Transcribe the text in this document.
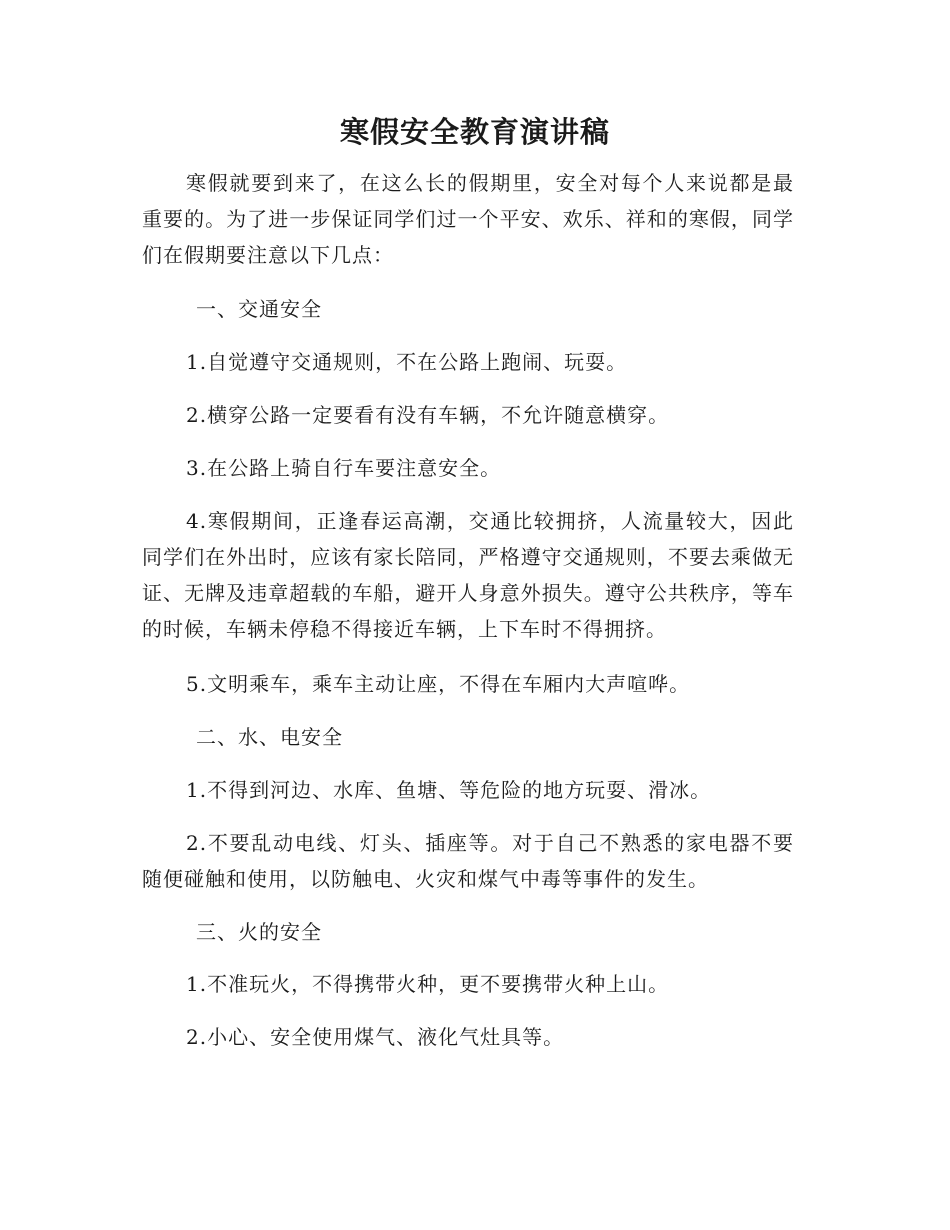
寒假安全教育演讲稿

寒假就要到来了，在这么长的假期里，安全对每个人来说都是最重要的。为了进一步保证同学们过一个平安、欢乐、祥和的寒假，同学们在假期要注意以下几点：

一、交通安全

1.自觉遵守交通规则，不在公路上跑闹、玩耍。

2.横穿公路一定要看有没有车辆，不允许随意横穿。

3.在公路上骑自行车要注意安全。

4.寒假期间，正逢春运高潮，交通比较拥挤，人流量较大，因此同学们在外出时，应该有家长陪同，严格遵守交通规则，不要去乘做无证、无牌及违章超载的车船，避开人身意外损失。遵守公共秩序，等车的时候，车辆未停稳不得接近车辆，上下车时不得拥挤。

5.文明乘车，乘车主动让座，不得在车厢内大声喧哗。

二、水、电安全

1.不得到河边、水库、鱼塘、等危险的地方玩耍、滑冰。

2.不要乱动电线、灯头、插座等。对于自己不熟悉的家电器不要随便碰触和使用，以防触电、火灾和煤气中毒等事件的发生。

三、火的安全

1.不准玩火，不得携带火种，更不要携带火种上山。

2.小心、安全使用煤气、液化气灶具等。
